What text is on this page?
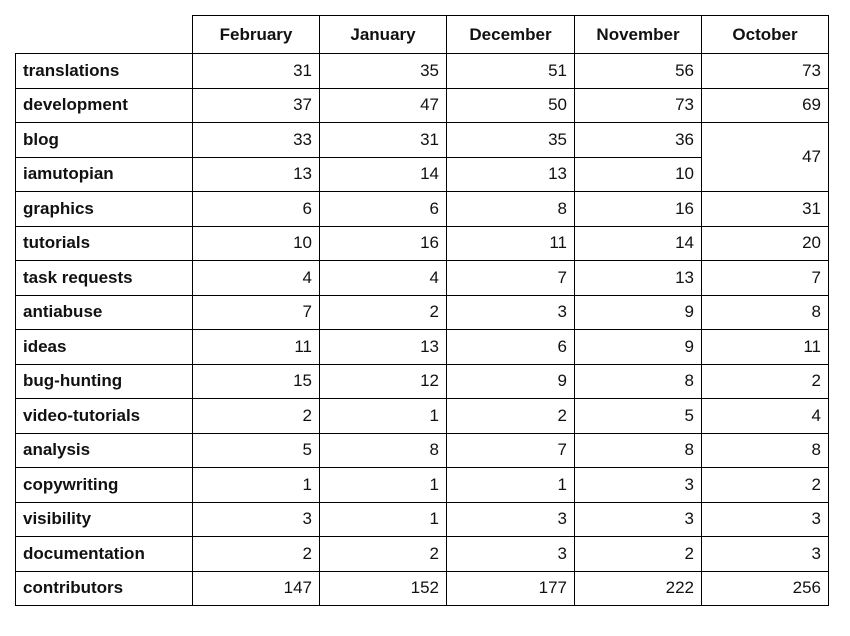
	February	January	December	November	October
translations	31	35	51	56	73
development	37	47	50	73	69
blog	33	31	35	36	47
iamutopian	13	14	13	10	
graphics	6	6	8	16	31
tutorials	10	16	11	14	20
task requests	4	4	7	13	7
antiabuse	7	2	3	9	8
ideas	11	13	6	9	11
bug-hunting	15	12	9	8	2
video-tutorials	2	1	2	5	4
analysis	5	8	7	8	8
copywriting	1	1	1	3	2
visibility	3	1	3	3	3
documentation	2	2	3	2	3
contributors	147	152	177	222	256
